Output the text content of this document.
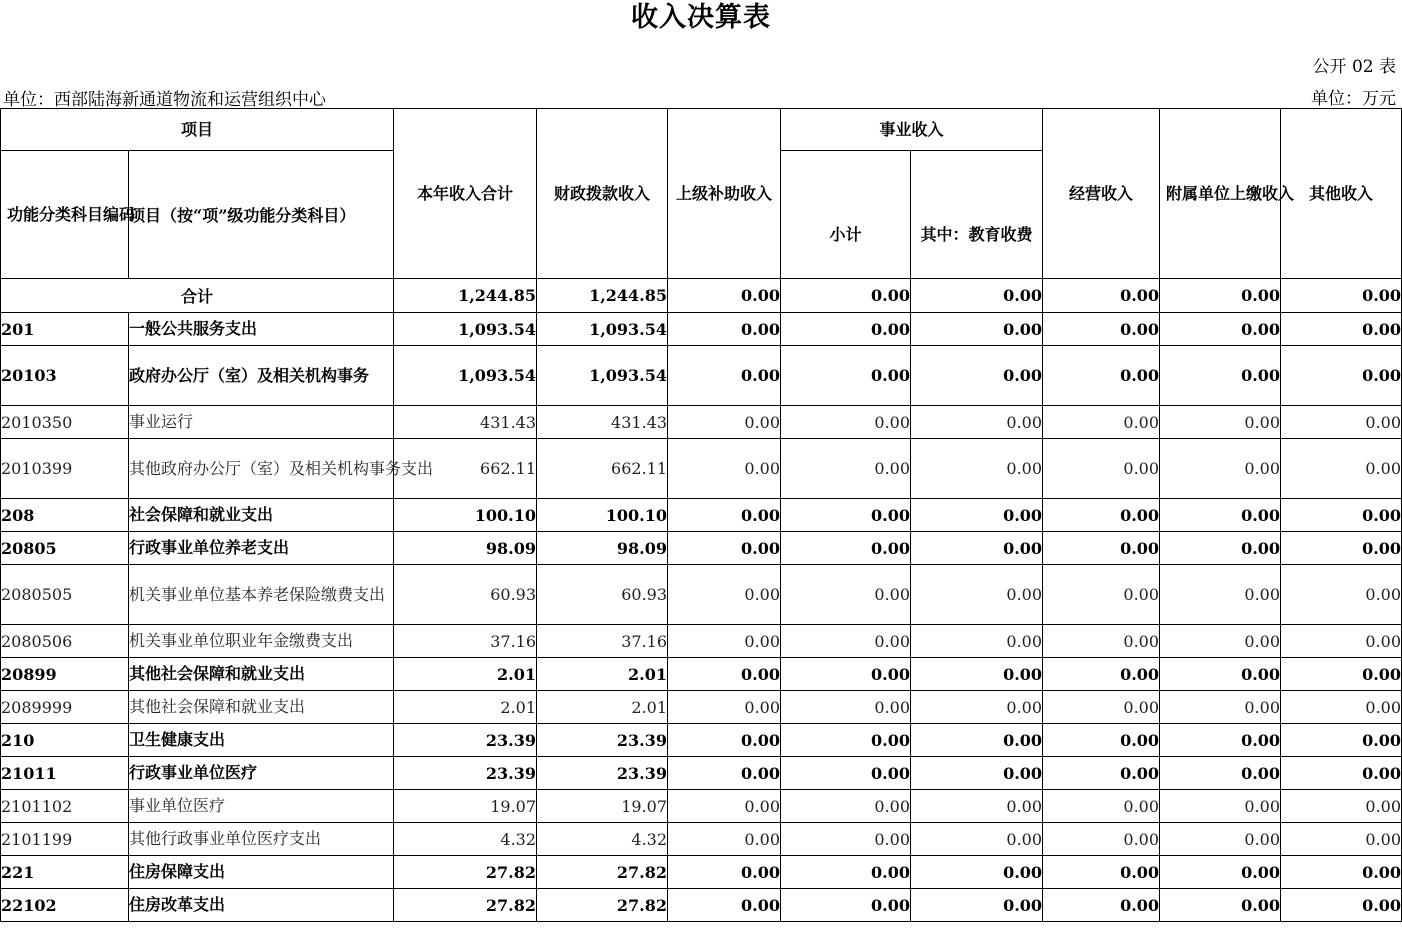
收入决算表
公开 02 表
单位：西部陆海新通道物流和运营组织中心	单位：万元
项目		本年收入合计	财政拨款收入	上级补助收入	事业收入		经营收入	附属单位上缴收入	其他收入
功能分类科目编码	项目（按“项”级功能分类科目）				小计	其中：教育收费			
合计		1,244.85	1,244.85	0.00	0.00	0.00	0.00	0.00	0.00
201	一般公共服务支出	1,093.54	1,093.54	0.00	0.00	0.00	0.00	0.00	0.00
20103	政府办公厅（室）及相关机构事务	1,093.54	1,093.54	0.00	0.00	0.00	0.00	0.00	0.00
2010350	事业运行	431.43	431.43	0.00	0.00	0.00	0.00	0.00	0.00
2010399	其他政府办公厅（室）及相关机构事务支出	662.11	662.11	0.00	0.00	0.00	0.00	0.00	0.00
208	社会保障和就业支出	100.10	100.10	0.00	0.00	0.00	0.00	0.00	0.00
20805	行政事业单位养老支出	98.09	98.09	0.00	0.00	0.00	0.00	0.00	0.00
2080505	机关事业单位基本养老保险缴费支出	60.93	60.93	0.00	0.00	0.00	0.00	0.00	0.00
2080506	机关事业单位职业年金缴费支出	37.16	37.16	0.00	0.00	0.00	0.00	0.00	0.00
20899	其他社会保障和就业支出	2.01	2.01	0.00	0.00	0.00	0.00	0.00	0.00
2089999	其他社会保障和就业支出	2.01	2.01	0.00	0.00	0.00	0.00	0.00	0.00
210	卫生健康支出	23.39	23.39	0.00	0.00	0.00	0.00	0.00	0.00
21011	行政事业单位医疗	23.39	23.39	0.00	0.00	0.00	0.00	0.00	0.00
2101102	事业单位医疗	19.07	19.07	0.00	0.00	0.00	0.00	0.00	0.00
2101199	其他行政事业单位医疗支出	4.32	4.32	0.00	0.00	0.00	0.00	0.00	0.00
221	住房保障支出	27.82	27.82	0.00	0.00	0.00	0.00	0.00	0.00
22102	住房改革支出	27.82	27.82	0.00	0.00	0.00	0.00	0.00	0.00
